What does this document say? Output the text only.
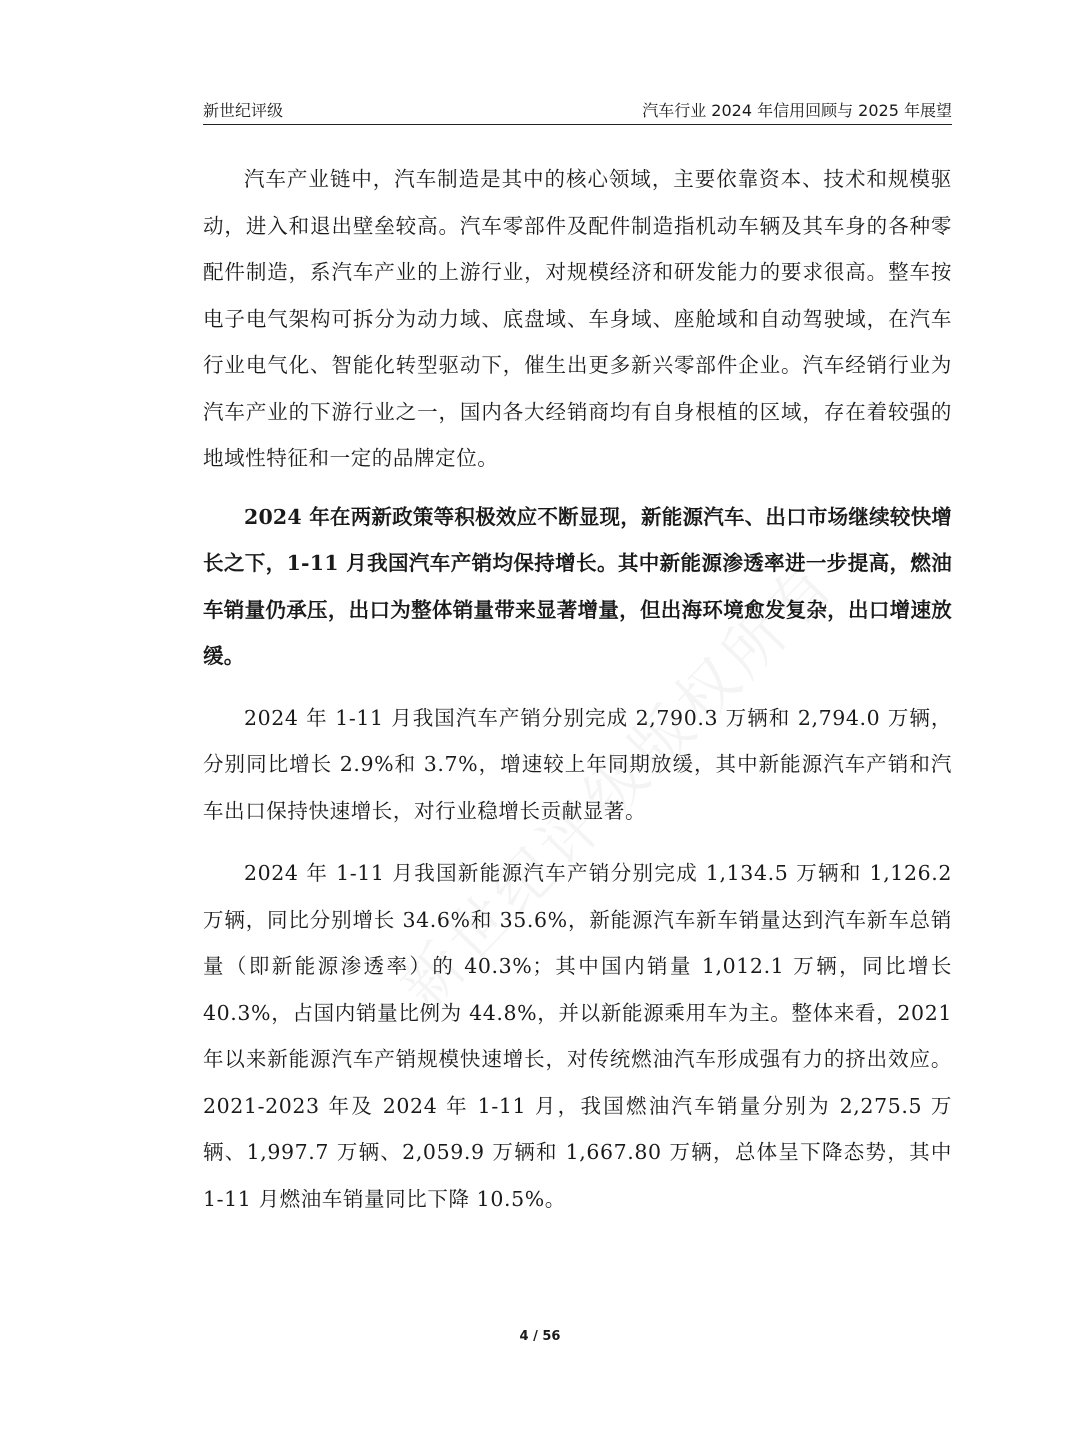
新世纪评级	汽车行业 2024 年信用回顾与 2025 年展望

汽车产业链中，汽车制造是其中的核心领域，主要依靠资本、技术和规模驱动，进入和退出壁垒较高。汽车零部件及配件制造指机动车辆及其车身的各种零配件制造，系汽车产业的上游行业，对规模经济和研发能力的要求很高。整车按电子电气架构可拆分为动力域、底盘域、车身域、座舱域和自动驾驶域，在汽车行业电气化、智能化转型驱动下，催生出更多新兴零部件企业。汽车经销行业为汽车产业的下游行业之一，国内各大经销商均有自身根植的区域，存在着较强的地域性特征和一定的品牌定位。

2024 年在两新政策等积极效应不断显现，新能源汽车、出口市场继续较快增长之下，1-11 月我国汽车产销均保持增长。其中新能源渗透率进一步提高，燃油车销量仍承压，出口为整体销量带来显著增量，但出海环境愈发复杂，出口增速放缓。

2024 年 1-11 月我国汽车产销分别完成 2,790.3 万辆和 2,794.0 万辆，分别同比增长 2.9%和 3.7%，增速较上年同期放缓，其中新能源汽车产销和汽车出口保持快速增长，对行业稳增长贡献显著。

2024 年 1-11 月我国新能源汽车产销分别完成 1,134.5 万辆和 1,126.2 万辆，同比分别增长 34.6%和 35.6%，新能源汽车新车销量达到汽车新车总销量（即新能源渗透率）的 40.3%；其中国内销量 1,012.1 万辆，同比增长 40.3%，占国内销量比例为 44.8%，并以新能源乘用车为主。整体来看，2021 年以来新能源汽车产销规模快速增长，对传统燃油汽车形成强有力的挤出效应。2021-2023 年及 2024 年 1-11 月，我国燃油汽车销量分别为 2,275.5 万辆、1,997.7 万辆、2,059.9 万辆和 1,667.80 万辆，总体呈下降态势，其中 1-11 月燃油车销量同比下降 10.5%。

4 / 56
